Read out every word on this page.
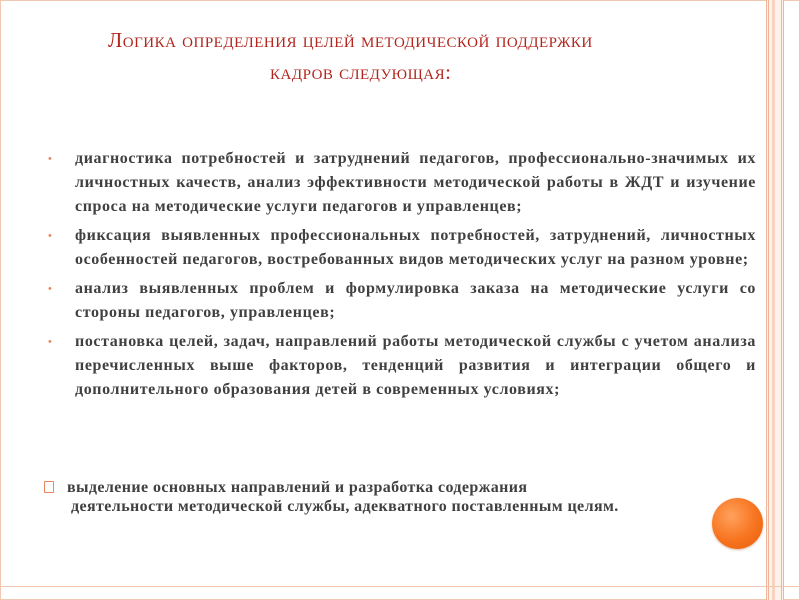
Логика определения целей методической поддержки
кадров следующая:
• диагностика потребностей и затруднений педагогов, профессионально-значимых их личностных качеств, анализ эффективности методической работы в ЖДТ и изучение спроса на методические услуги педагогов и управленцев;
• фиксация выявленных профессиональных потребностей, затруднений, личностных особенностей педагогов, востребованных видов методических услуг на разном уровне;
• анализ выявленных проблем и формулировка заказа на методические услуги со стороны педагогов, управленцев;
• постановка целей, задач, направлений работы методической службы с учетом анализа перечисленных выше факторов, тенденций развития и интеграции общего и дополнительного образования детей в современных условиях;
выделение основных направлений и разработка содержания
деятельности методической службы, адекватного поставленным целям.
